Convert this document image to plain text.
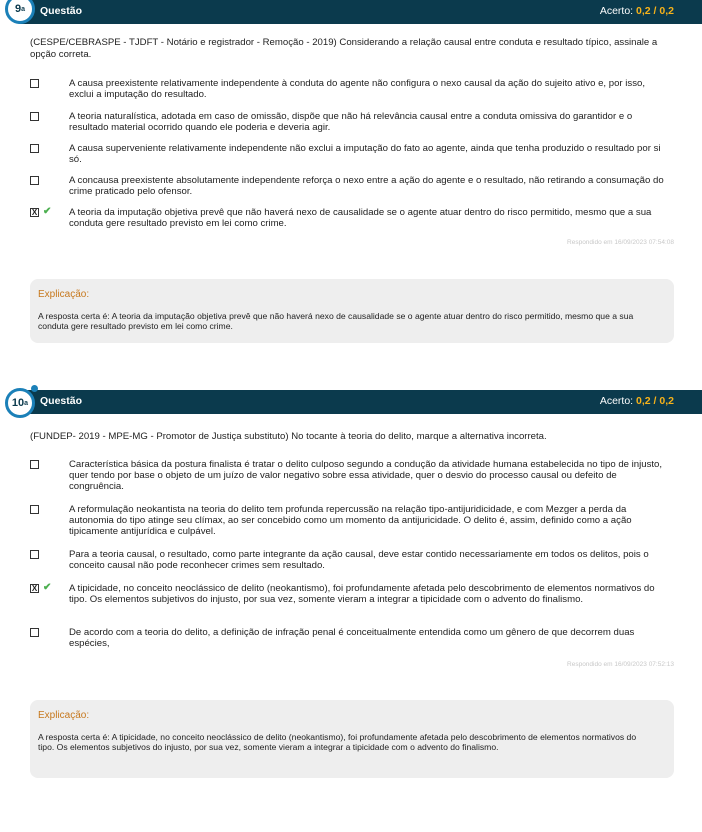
Questão	Acerto: 0,2 / 0,2
9 a
(CESPE/CEBRASPE - TJDFT - Notário e registrador - Remoção - 2019) Considerando a relação causal entre conduta e resultado típico, assinale a opção correta.
A causa preexistente relativamente independente à conduta do agente não configura o nexo causal da ação do sujeito ativo e, por isso, exclui a imputação do resultado.
A teoria naturalística, adotada em caso de omissão, dispõe que não há relevância causal entre a conduta omissiva do garantidor e o resultado material ocorrido quando ele poderia e deveria agir.
A causa superveniente relativamente independente não exclui a imputação do fato ao agente, ainda que tenha produzido o resultado por si só.
A concausa preexistente absolutamente independente reforça o nexo entre a ação do agente e o resultado, não retirando a consumação do crime praticado pelo ofensor.
X ✔ A teoria da imputação objetiva prevê que não haverá nexo de causalidade se o agente atuar dentro do risco permitido, mesmo que a sua conduta gere resultado previsto em lei como crime.
Respondido em 16/09/2023 07:54:08
Explicação:
A resposta certa é: A teoria da imputação objetiva prevê que não haverá nexo de causalidade se o agente atuar dentro do risco permitido, mesmo que a sua conduta gere resultado previsto em lei como crime.
Questão	Acerto: 0,2 / 0,2
10 a
(FUNDEP- 2019 - MPE-MG - Promotor de Justiça substituto) No tocante à teoria do delito, marque a alternativa incorreta.
Característica básica da postura finalista é tratar o delito culposo segundo a condução da atividade humana estabelecida no tipo de injusto, quer tendo por base o objeto de um juízo de valor negativo sobre essa atividade, quer o desvio do processo causal ou defeito de congruência.
A reformulação neokantista na teoria do delito tem profunda repercussão na relação tipo-antijuridicidade, e com Mezger a perda da autonomia do tipo atinge seu clímax, ao ser concebido como um momento da antijuricidade. O delito é, assim, definido como a ação tipicamente antijurídica e culpável.
Para a teoria causal, o resultado, como parte integrante da ação causal, deve estar contido necessariamente em todos os delitos, pois o conceito causal não pode reconhecer crimes sem resultado.
X ✔ A tipicidade, no conceito neoclássico de delito (neokantismo), foi profundamente afetada pelo descobrimento de elementos normativos do tipo. Os elementos subjetivos do injusto, por sua vez, somente vieram a integrar a tipicidade com o advento do finalismo.
De acordo com a teoria do delito, a definição de infração penal é conceitualmente entendida como um gênero de que decorrem duas espécies,
Respondido em 16/09/2023 07:52:13
Explicação:
A resposta certa é: A tipicidade, no conceito neoclássico de delito (neokantismo), foi profundamente afetada pelo descobrimento de elementos normativos do tipo. Os elementos subjetivos do injusto, por sua vez, somente vieram a integrar a tipicidade com o advento do finalismo.
